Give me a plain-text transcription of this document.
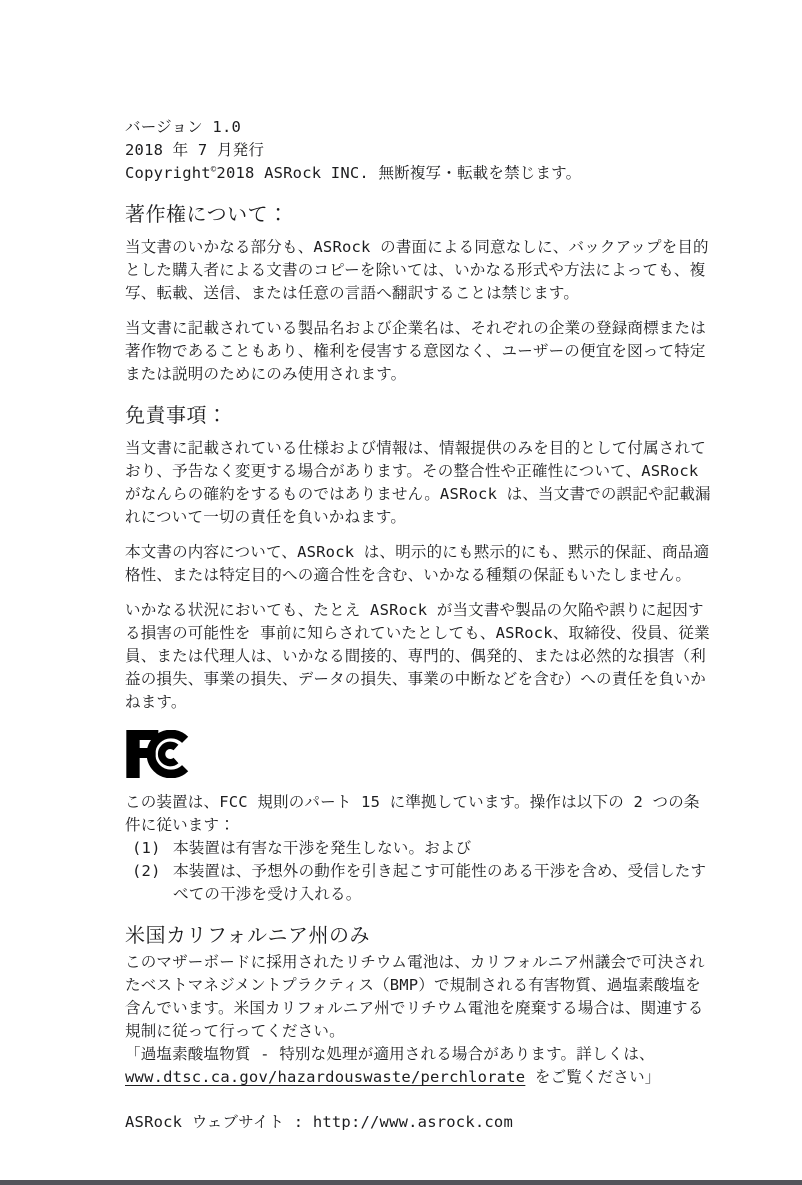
バージョン 1.0

2018 年 7 月発行

Copyright©2018 ASRock INC. 無断複写・転載を禁じます。

著作権について：

当文書のいかなる部分も、ASRock の書面による同意なしに、バックアップを目的とした購入者による文書のコピーを除いては、いかなる形式や方法によっても、複写、転載、送信、または任意の言語へ翻訳することは禁じます。

当文書に記載されている製品名および企業名は、それぞれの企業の登録商標または著作物であることもあり、権利を侵害する意図なく、ユーザーの便宜を図って特定または説明のためにのみ使用されます。

免責事項：

当文書に記載されている仕様および情報は、情報提供のみを目的として付属されており、予告なく変更する場合があります。その整合性や正確性について、ASRock がなんらの確約をするものではありません。ASRock は、当文書での誤記や記載漏れについて一切の責任を負いかねます。

本文書の内容について、ASRock は、明示的にも黙示的にも、黙示的保証、商品適格性、または特定目的への適合性を含む、いかなる種類の保証もいたしません。

いかなる状況においても、たとえ ASRock が当文書や製品の欠陥や誤りに起因する損害の可能性を 事前に知らされていたとしても、ASRock、取締役、役員、従業員、または代理人は、いかなる間接的、専門的、偶発的、または必然的な損害（利益の損失、事業の損失、データの損失、事業の中断などを含む）への責任を負いかねます。

この装置は、FCC 規則のパート 15 に準拠しています。操作は以下の 2 つの条件に従います：

(1) 本装置は有害な干渉を発生しない。および
(2) 本装置は、予想外の動作を引き起こす可能性のある干渉を含め、受信したすべての干渉を受け入れる。
米国カリフォルニア州のみ

このマザーボードに採用されたリチウム電池は、カリフォルニア州議会で可決されたベストマネジメントプラクティス（BMP）で規制される有害物質、過塩素酸塩を含んでいます。米国カリフォルニア州でリチウム電池を廃棄する場合は、関連する規制に従って行ってください。

「過塩素酸塩物質 - 特別な処理が適用される場合があります。詳しくは、
www.dtsc.ca.gov/hazardouswaste/perchlorate をご覧ください」

ASRock ウェブサイト : http://www.asrock.com
